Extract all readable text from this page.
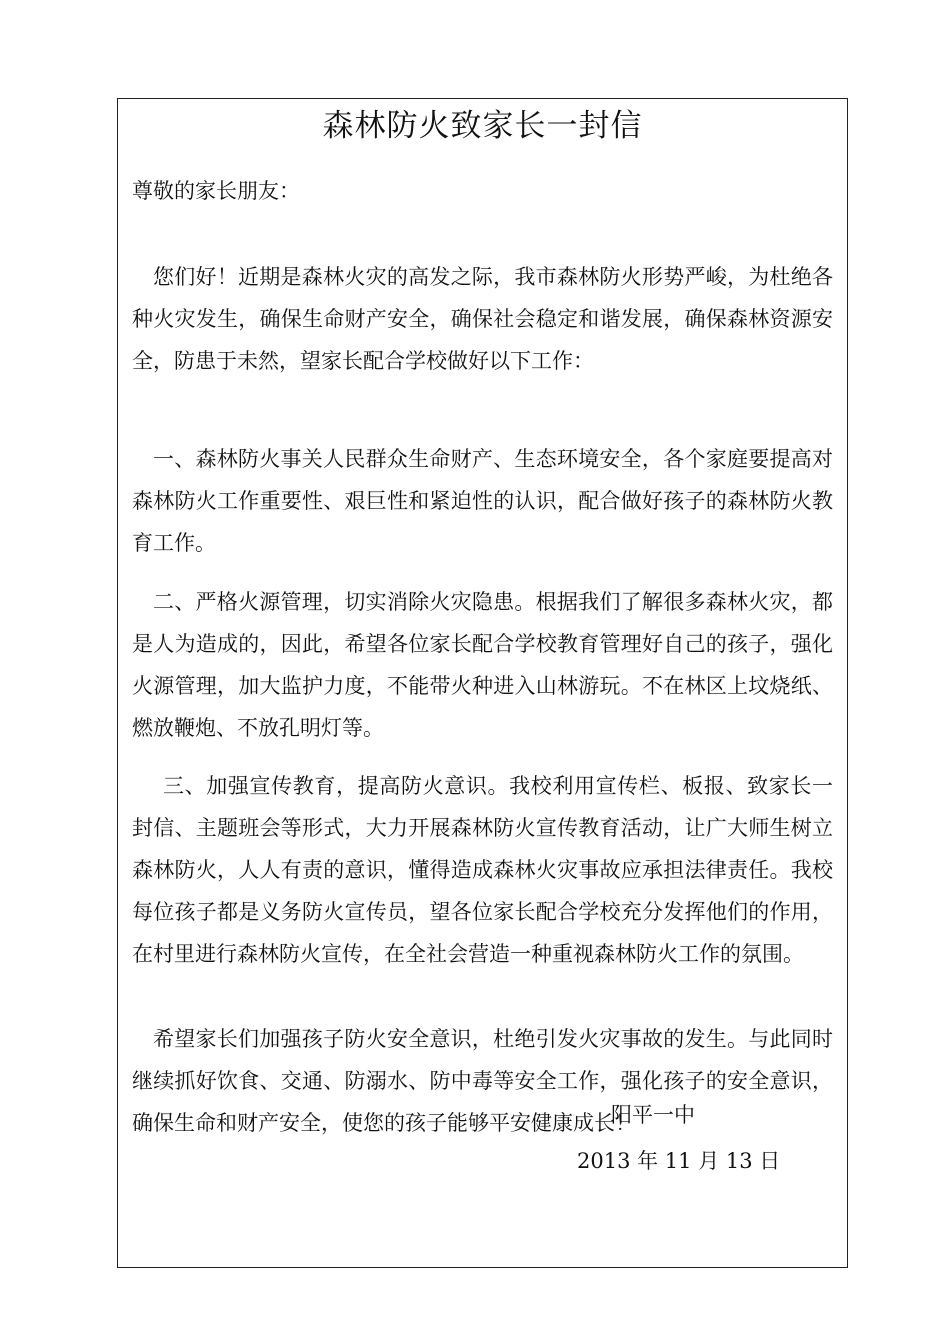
森林防火致家长一封信

尊敬的家长朋友：

您们好！近期是森林火灾的高发之际，我市森林防火形势严峻，为杜绝各种火灾发生，确保生命财产安全，确保社会稳定和谐发展，确保森林资源安全，防患于未然，望家长配合学校做好以下工作：

一、森林防火事关人民群众生命财产、生态环境安全，各个家庭要提高对森林防火工作重要性、艰巨性和紧迫性的认识，配合做好孩子的森林防火教育工作。

二、严格火源管理，切实消除火灾隐患。根据我们了解很多森林火灾，都是人为造成的，因此，希望各位家长配合学校教育管理好自己的孩子，强化火源管理，加大监护力度，不能带火种进入山林游玩。不在林区上坟烧纸、燃放鞭炮、不放孔明灯等。

三、加强宣传教育，提高防火意识。我校利用宣传栏、板报、致家长一封信、主题班会等形式，大力开展森林防火宣传教育活动，让广大师生树立森林防火，人人有责的意识，懂得造成森林火灾事故应承担法律责任。我校每位孩子都是义务防火宣传员，望各位家长配合学校充分发挥他们的作用，在村里进行森林防火宣传，在全社会营造一种重视森林防火工作的氛围。

希望家长们加强孩子防火安全意识，杜绝引发火灾事故的发生。与此同时继续抓好饮食、交通、防溺水、防中毒等安全工作，强化孩子的安全意识，确保生命和财产安全，使您的孩子能够平安健康成长！

阳平一中

2013 年 11 月 13 日
